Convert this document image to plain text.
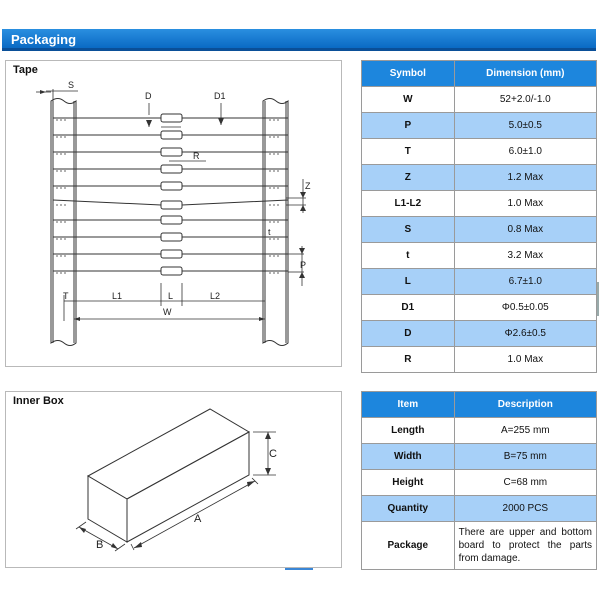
Packaging
Tape
S
D	D1
R
Z
t
P
T	L1	L	L2
W
Symbol	Dimension (mm)
W	52+2.0/-1.0
P	5.0±0.5
T	6.0±1.0
Z	1.2 Max
L1-L2	1.0 Max
S	0.8 Max
t	3.2 Max
L	6.7±1.0
D1	Φ0.5±0.05
D	Φ2.6±0.5
R	1.0 Max
Inner Box
C
A
B
Item	Description
Length	A=255 mm
Width	B=75 mm
Height	C=68 mm
Quantity	2000 PCS
Package	There are upper and bottom board to protect the parts from damage.
